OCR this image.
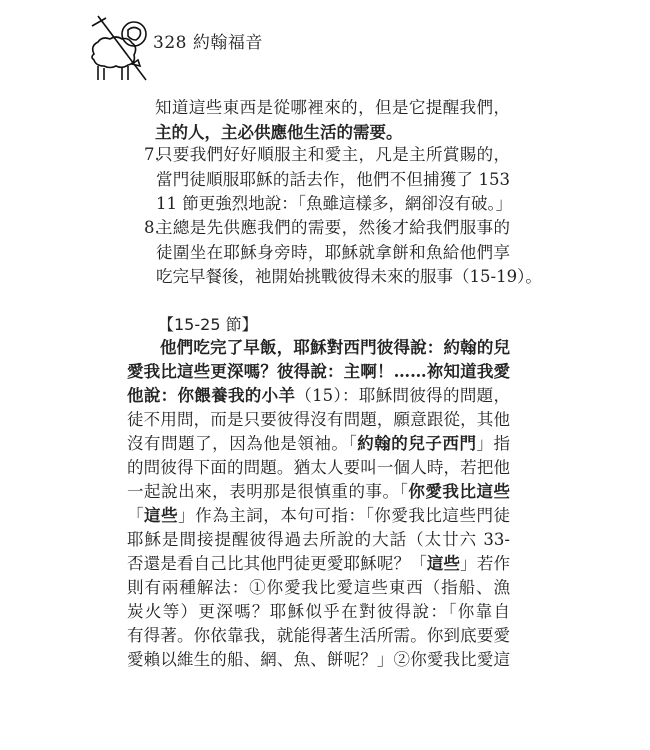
328 約翰福音
知道這些東西是從哪裡來的，但是它提醒我們，
主的人，主必供應他生活的需要。
7.
只要我們好好順服主和愛主，凡是主所賞賜的，
當門徒順服耶穌的話去作，他們不但捕獲了 153
11 節更強烈地說：「魚雖這樣多，網卻沒有破。」
8.
主總是先供應我們的需要，然後才給我們服事的
徒圍坐在耶穌身旁時，耶穌就拿餅和魚給他們享
吃完早餐後，祂開始挑戰彼得未來的服事（15-19）。
【15-25 節】
他們吃完了早飯，耶穌對西門彼得說：約翰的兒
愛我比這些更深嗎？彼得說：主啊！……祢知道我愛
他說：你餵養我的小羊（15）：耶穌問彼得的問題，
徒不用問，而是只要彼得沒有問題，願意跟從，其他
沒有問題了，因為他是領袖。「約翰的兒子西門」指
的問彼得下面的問題。猶太人要叫一個人時，若把他
一起說出來，表明那是很慎重的事。「你愛我比這些
「這些」作為主詞，本句可指：「你愛我比這些門徒
耶穌是間接提醒彼得過去所說的大話（太廿六 33-
否還是看自己比其他門徒更愛耶穌呢？「這些」若作
則有兩種解法：①你愛我比愛這些東西（指船、漁
炭火等）更深嗎？耶穌似乎在對彼得說：「你靠自
有得著。你依靠我，就能得著生活所需。你到底要愛
愛賴以維生的船、網、魚、餅呢？」②你愛我比愛這
